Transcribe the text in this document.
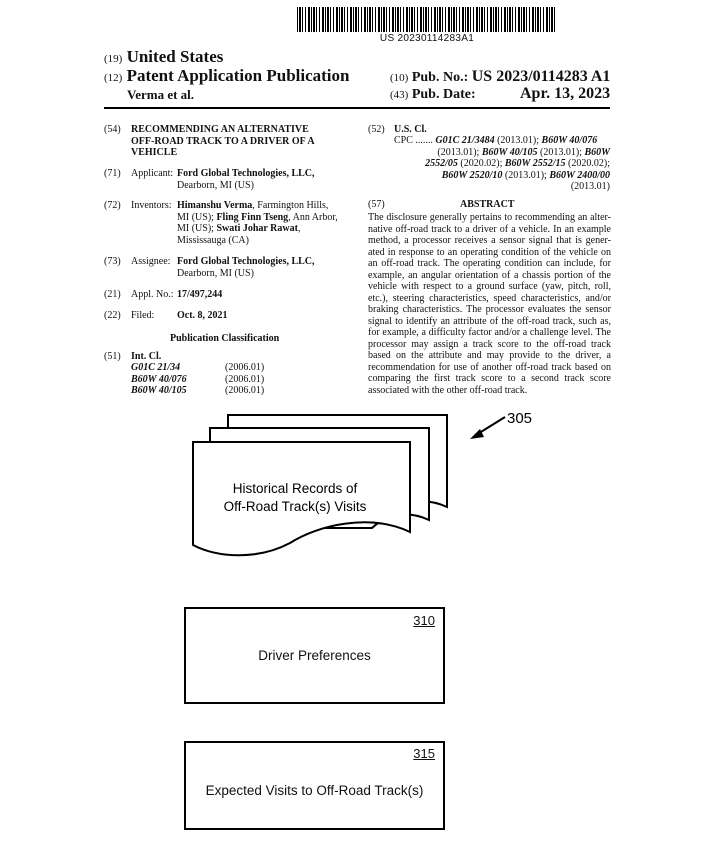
US 20230114283A1
(19) United States
(12) Patent Application Publication
Verma et al.
(10) Pub. No.: US 2023/0114283 A1
(43) Pub. Date:	Apr. 13, 2023
(54) RECOMMENDING AN ALTERNATIVE
OFF-ROAD TRACK TO A DRIVER OF A
VEHICLE
(71) Applicant: Ford Global Technologies, LLC,
Dearborn, MI (US)
(72) Inventors: Himanshu Verma, Farmington Hills,
MI (US); Fling Finn Tseng, Ann Arbor,
MI (US); Swati Johar Rawat,
Mississauga (CA)
(73) Assignee: Ford Global Technologies, LLC,
Dearborn, MI (US)
(21) Appl. No.: 17/497,244
(22) Filed: Oct. 8, 2021
Publication Classification
(51) Int. Cl.
G01C 21/34	(2006.01)
B60W 40/076	(2006.01)
B60W 40/105	(2006.01)
(52) U.S. Cl.
CPC ....... G01C 21/3484 (2013.01); B60W 40/076
(2013.01); B60W 40/105 (2013.01); B60W
2552/05 (2020.02); B60W 2552/15 (2020.02);
B60W 2520/10 (2013.01); B60W 2400/00
(2013.01)
(57)	ABSTRACT
The disclosure generally pertains to recommending an alter-
native off-road track to a driver of a vehicle. In an example
method, a processor receives a sensor signal that is gener-
ated in response to an operating condition of the vehicle on
an off-road track. The operating condition can include, for
example, an angular orientation of a chassis portion of the
vehicle with respect to a ground surface (yaw, pitch, roll,
etc.), steering characteristics, speed characteristics, and/or
braking characteristics. The processor evaluates the sensor
signal to identify an attribute of the off-road track, such as,
for example, a difficulty factor and/or a challenge level. The
processor may assign a track score to the off-road track
based on the attribute and may provide to the driver, a
recommendation for use of another off-road track based on
comparing the first track score to a second track score
associated with the other off-road track.
305
Historical Records of
Off-Road Track(s) Visits
310
Driver Preferences
315
Expected Visits to Off-Road Track(s)
